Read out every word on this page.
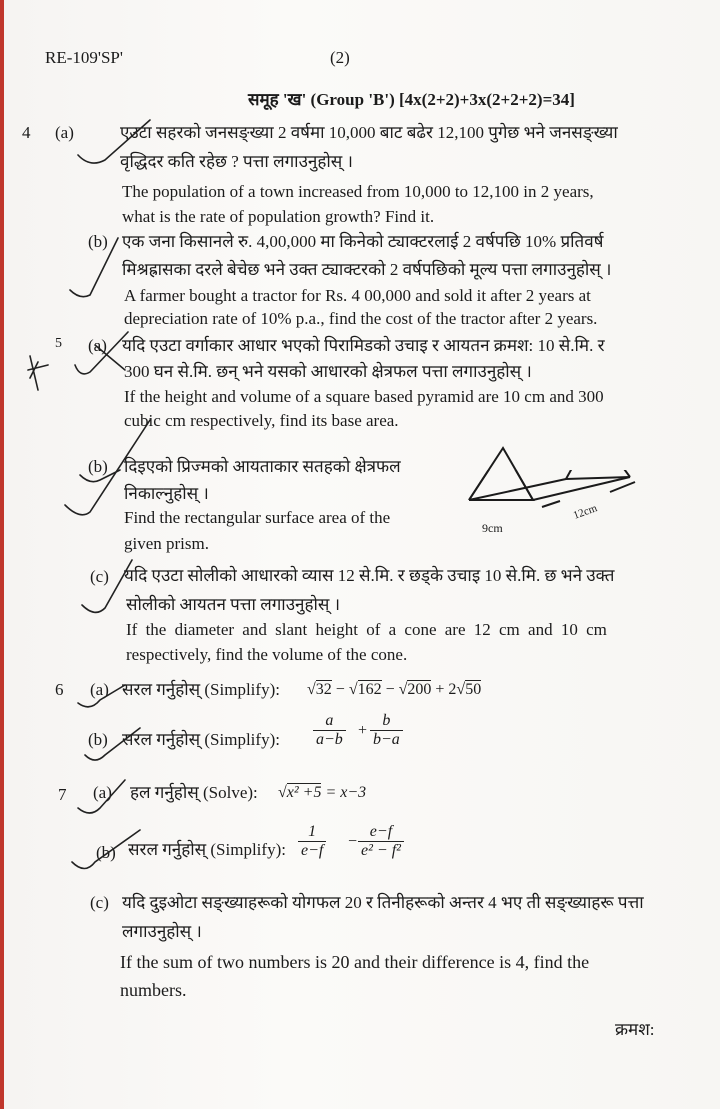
RE-109'SP'	(2)
समूह 'ख' (Group 'B') [4x(2+2)+3x(2+2+2)=34]
4 (a)	एउटा सहरको जनसङ्ख्या 2 वर्षमा 10,000 बाट बढेर 12,100 पुगेछ भने जनसङ्ख्या
वृद्धिदर कति रहेछ ? पत्ता लगाउनुहोस् ।
The population of a town increased from 10,000 to 12,100 in 2 years,
what is the rate of population growth? Find it.
(b) एक जना किसानले रु. 4,00,000 मा किनेको ट्याक्टरलाई 2 वर्षपछि 10% प्रतिवर्ष
मिश्रह्रासका दरले बेचेछ भने उक्त ट्याक्टरको 2 वर्षपछिको मूल्य पत्ता लगाउनुहोस् ।
A farmer bought a tractor for Rs. 4 00,000 and sold it after 2 years at
depreciation rate of 10% p.a., find the cost of the tractor after 2 years.
5 (a) यदि एउटा वर्गाकार आधार भएको पिरामिडको उचाइ र आयतन क्रमश: 10 से.मि. र
300 घन से.मि. छन् भने यसको आधारको क्षेत्रफल पत्ता लगाउनुहोस् ।
If the height and volume of a square based pyramid are 10 cm and 300
cubic cm respectively, find its base area.
(b) दिइएको प्रिज्मको आयताकार सतहको क्षेत्रफल
निकाल्नुहोस् ।
Find the rectangular surface area of the
given prism.
9cm
12cm
(c) यदि एउटा सोलीको आधारको व्यास 12 से.मि. र छड्के उचाइ 10 से.मि. छ भने उक्त
सोलीको आयतन पत्ता लगाउनुहोस् ।
If the diameter and slant height of a cone are 12 cm and 10 cm
respectively, find the volume of the cone.
6 (a) सरल गर्नुहोस् (Simplify): √32 − √162 − √200 + 2√50
(b) सरल गर्नुहोस् (Simplify): $\frac{a}{a-b} + \frac{b}{b-a}$
7 (a) हल गर्नुहोस् (Solve): √x² +5 = x−3
(b) सरल गर्नुहोस् (Simplify): $\frac{1}{e-f} - \frac{e-f}{\text{e² − f²}}$
(c) यदि दुइओटा सङ्ख्याहरूको योगफल 20 र तिनीहरूको अन्तर 4 भए ती सङ्ख्याहरू पत्ता
लगाउनुहोस् ।
If the sum of two numbers is 20 and their difference is 4, find the
numbers.
क्रमश:
